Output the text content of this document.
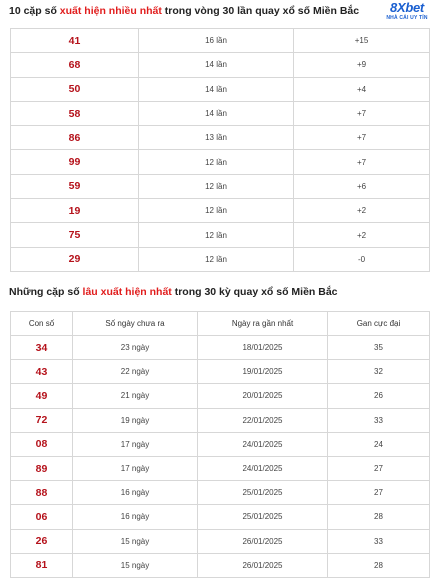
10 cặp số xuất hiện nhiều nhất trong vòng 30 lần quay xổ số Miền Bắc	8Xbet
NHÀ CÁI UY TÍN
41	16 lần	+15
68	14 lần	+9
50	14 lần	+4
58	14 lần	+7
86	13 lần	+7
99	12 lần	+7
59	12 lần	+6
19	12 lần	+2
75	12 lần	+2
29	12 lần	-0
Những cặp số lâu xuất hiện nhất trong 30 kỳ quay xổ số Miền Bắc
Con số	Số ngày chưa ra	Ngày ra gần nhất	Gan cực đại
34	23 ngày	18/01/2025	35
43	22 ngày	19/01/2025	32
49	21 ngày	20/01/2025	26
72	19 ngày	22/01/2025	33
08	17 ngày	24/01/2025	24
89	17 ngày	24/01/2025	27
88	16 ngày	25/01/2025	27
06	16 ngày	25/01/2025	28
26	15 ngày	26/01/2025	33
81	15 ngày	26/01/2025	28
